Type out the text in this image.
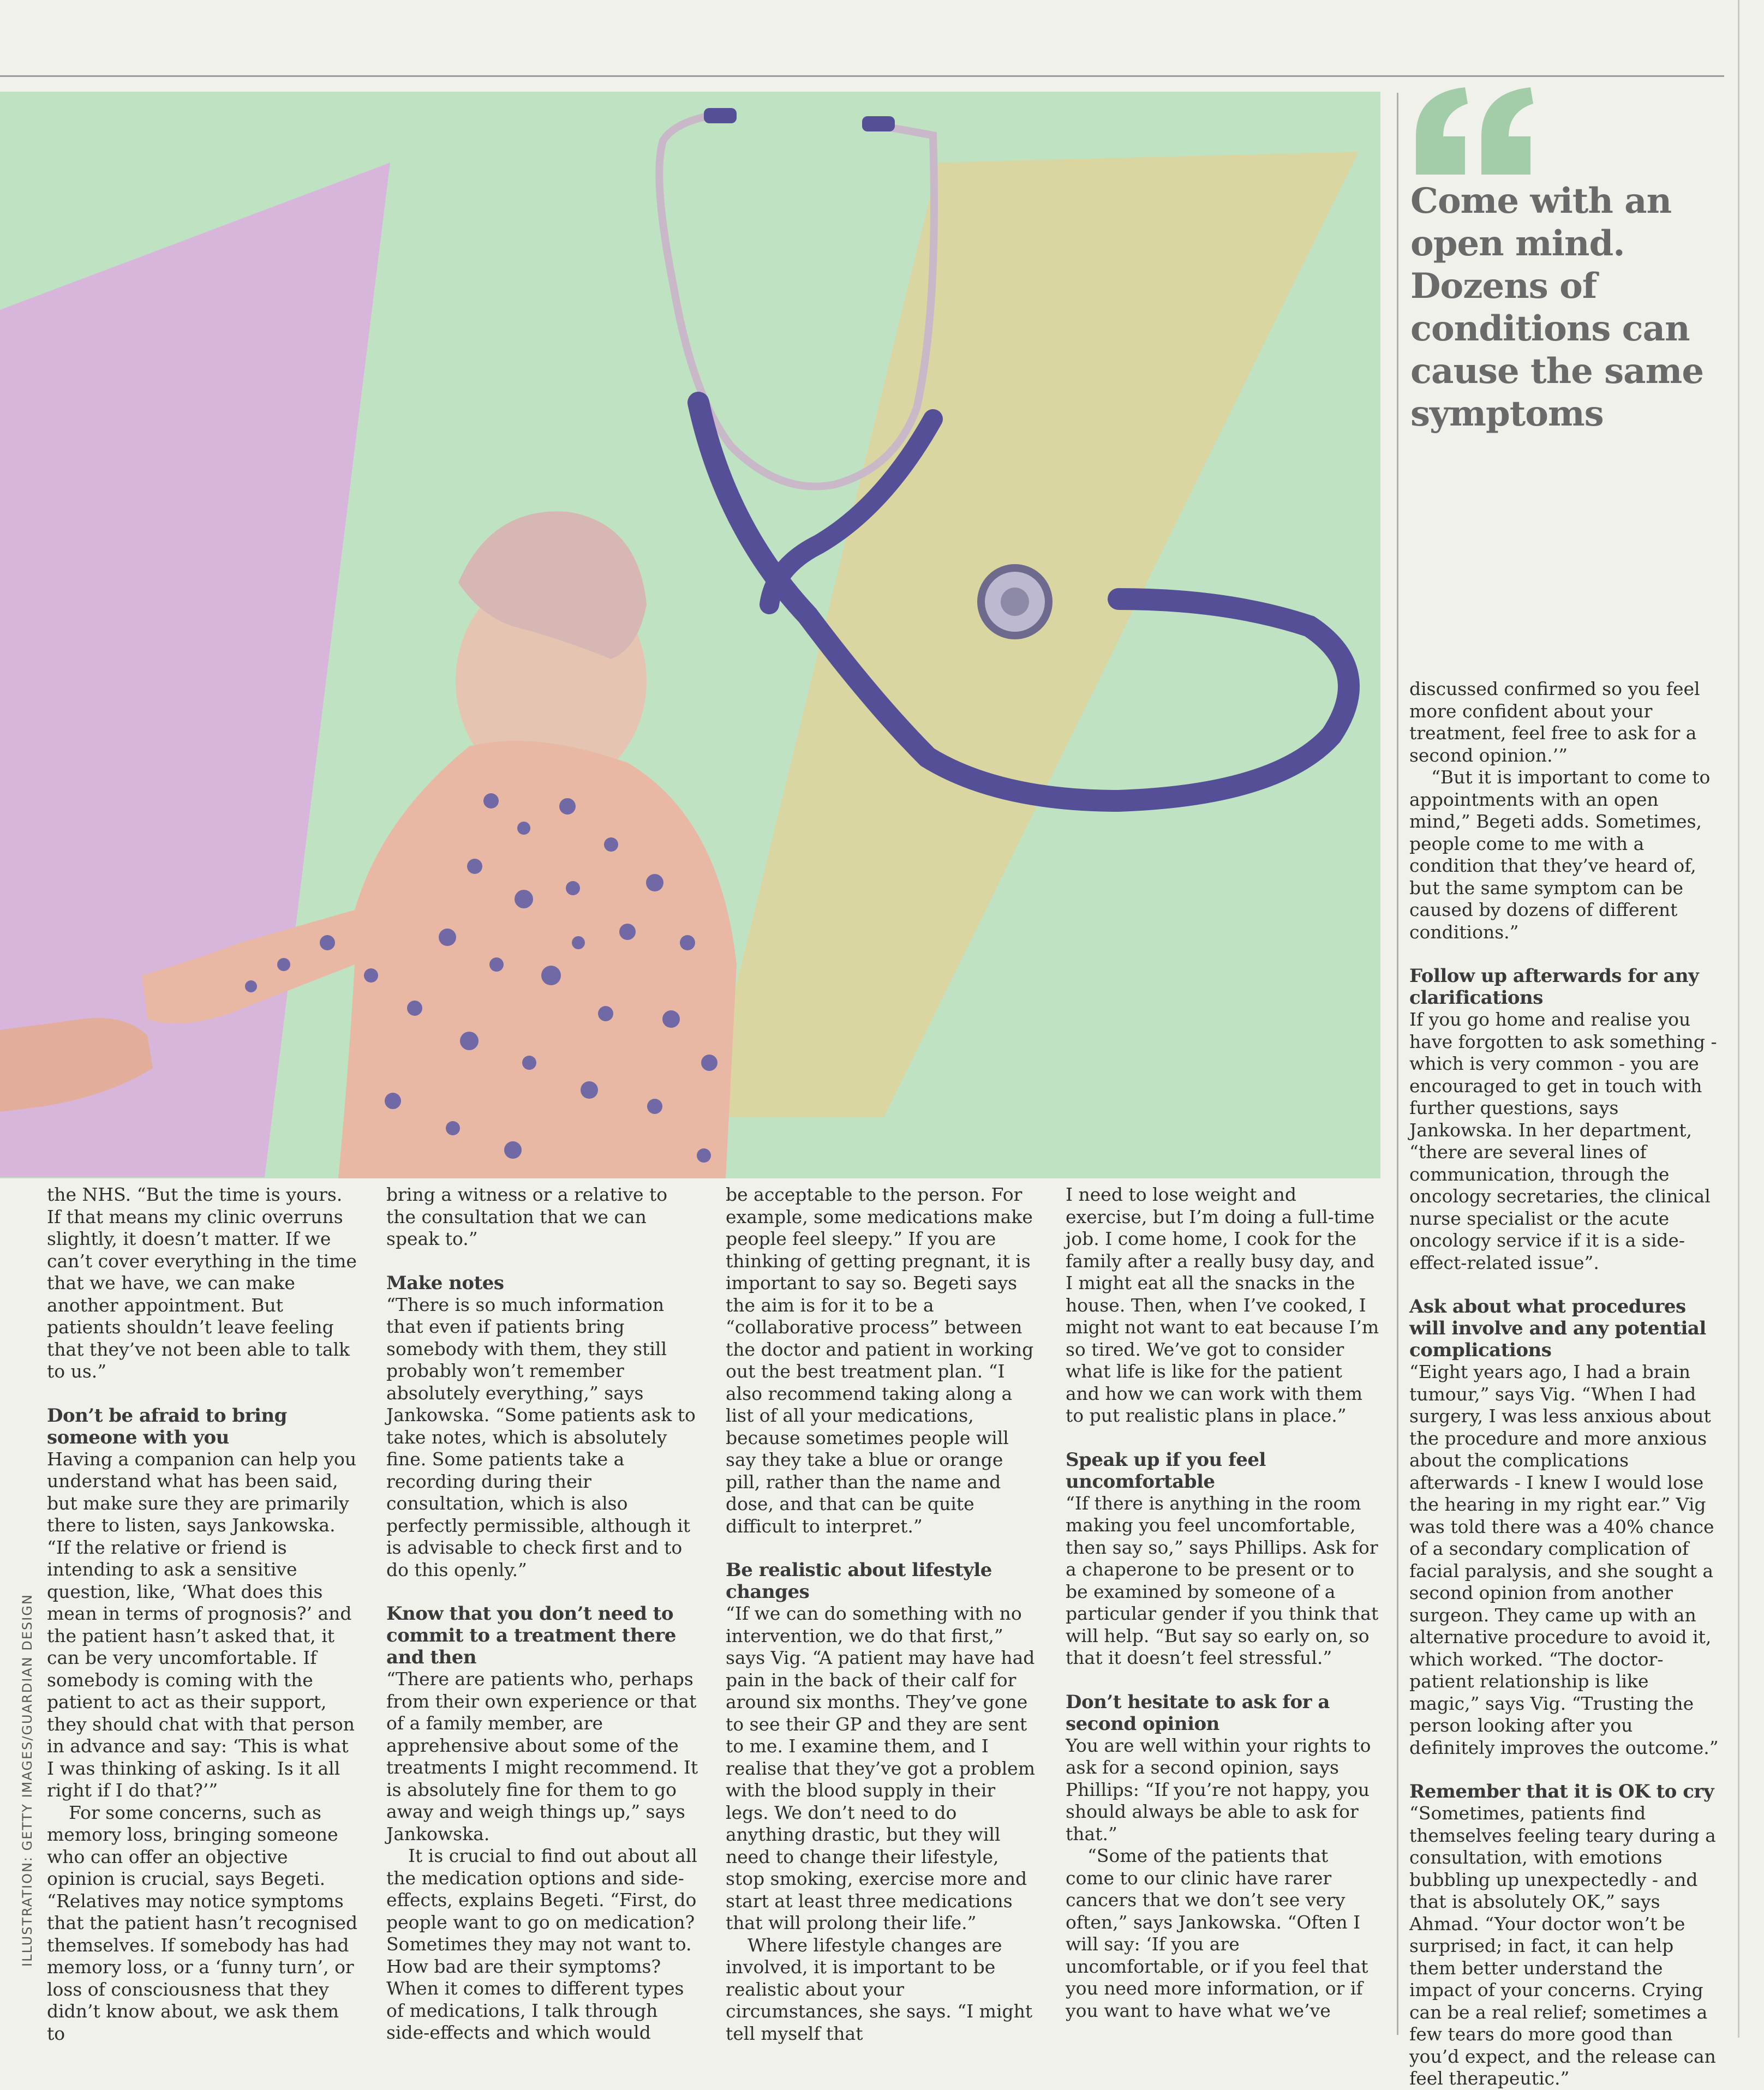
ILLUSTRATION: GETTY IMAGES/GUARDIAN DESIGN
Come with an open mind. Dozens of conditions can cause the same symptoms

the NHS. “But the time is yours. If that means my clinic overruns slightly, it doesn’t matter. If we can’t cover everything in the time that we have, we can make another appointment. But patients shouldn’t leave feeling that they’ve not been able to talk to us.”

Don’t be afraid to bring someone with you

Having a companion can help you understand what has been said, but make sure they are primarily there to listen, says Jankowska. “If the relative or friend is intending to ask a sensitive question, like, ‘What does this mean in terms of prognosis?’ and the patient hasn’t asked that, it can be very uncomfortable. If somebody is coming with the patient to act as their support, they should chat with that person in advance and say: ‘This is what I was thinking of asking. Is it all right if I do that?’”

For some concerns, such as memory loss, bringing someone who can offer an objective opinion is crucial, says Begeti. “Relatives may notice symptoms that the patient hasn’t recognised themselves. If somebody has had memory loss, or a ‘funny turn’, or loss of consciousness that they didn’t know about, we ask them to

bring a witness or a relative to the consultation that we can speak to.”

Make notes

“There is so much information that even if patients bring somebody with them, they still probably won’t remember absolutely everything,” says Jankowska. “Some patients ask to take notes, which is absolutely fine. Some patients take a recording during their consultation, which is also perfectly permissible, although it is advisable to check first and to do this openly.”

Know that you don’t need to commit to a treatment there and then

“There are patients who, perhaps from their own experience or that of a family member, are apprehensive about some of the treatments I might recommend. It is absolutely fine for them to go away and weigh things up,” says Jankowska.

It is crucial to find out about all the medication options and side-effects, explains Begeti. “First, do people want to go on medication? Sometimes they may not want to. How bad are their symptoms? When it comes to different types of medications, I talk through side-effects and which would

be acceptable to the person. For example, some medications make people feel sleepy.” If you are thinking of getting pregnant, it is important to say so. Begeti says the aim is for it to be a “collaborative process” between the doctor and patient in working out the best treatment plan. “I also recommend taking along a list of all your medications, because sometimes people will say they take a blue or orange pill, rather than the name and dose, and that can be quite difficult to interpret.”

Be realistic about lifestyle changes

“If we can do something with no intervention, we do that first,” says Vig. “A patient may have had pain in the back of their calf for around six months. They’ve gone to see their GP and they are sent to me. I examine them, and I realise that they’ve got a problem with the blood supply in their legs. We don’t need to do anything drastic, but they will need to change their lifestyle, stop smoking, exercise more and start at least three medications that will prolong their life.”

Where lifestyle changes are involved, it is important to be realistic about your circumstances, she says. “I might tell myself that

I need to lose weight and exercise, but I’m doing a full-time job. I come home, I cook for the family after a really busy day, and I might eat all the snacks in the house. Then, when I’ve cooked, I might not want to eat because I’m so tired. We’ve got to consider what life is like for the patient and how we can work with them to put realistic plans in place.”

Speak up if you feel uncomfortable

“If there is anything in the room making you feel uncomfortable, then say so,” says Phillips. Ask for a chaperone to be present or to be examined by someone of a particular gender if you think that will help. “But say so early on, so that it doesn’t feel stressful.”

Don’t hesitate to ask for a second opinion

You are well within your rights to ask for a second opinion, says Phillips: “If you’re not happy, you should always be able to ask for that.”

“Some of the patients that come to our clinic have rarer cancers that we don’t see very often,” says Jankowska. “Often I will say: ‘If you are uncomfortable, or if you feel that you need more information, or if you want to have what we’ve

discussed confirmed so you feel more confident about your treatment, feel free to ask for a second opinion.’”

“But it is important to come to appointments with an open mind,” Begeti adds. Sometimes, people come to me with a condition that they’ve heard of, but the same symptom can be caused by dozens of different conditions.”

Follow up afterwards for any clarifications

If you go home and realise you have forgotten to ask something - which is very common - you are encouraged to get in touch with further questions, says Jankowska. In her department, “there are several lines of communication, through the oncology secretaries, the clinical nurse specialist or the acute oncology service if it is a side-effect-related issue”.

Ask about what procedures will involve and any potential complications

“Eight years ago, I had a brain tumour,” says Vig. “When I had surgery, I was less anxious about the procedure and more anxious about the complications afterwards - I knew I would lose the hearing in my right ear.” Vig was told there was a 40% chance of a secondary complication of facial paralysis, and she sought a second opinion from another surgeon. They came up with an alternative procedure to avoid it, which worked. “The doctor-patient relationship is like magic,” says Vig. “Trusting the person looking after you definitely improves the outcome.”

Remember that it is OK to cry

“Sometimes, patients find themselves feeling teary during a consultation, with emotions bubbling up unexpectedly - and that is absolutely OK,” says Ahmad. “Your doctor won’t be surprised; in fact, it can help them better understand the impact of your concerns. Crying can be a real relief; sometimes a few tears do more good than you’d expect, and the release can feel therapeutic.”
